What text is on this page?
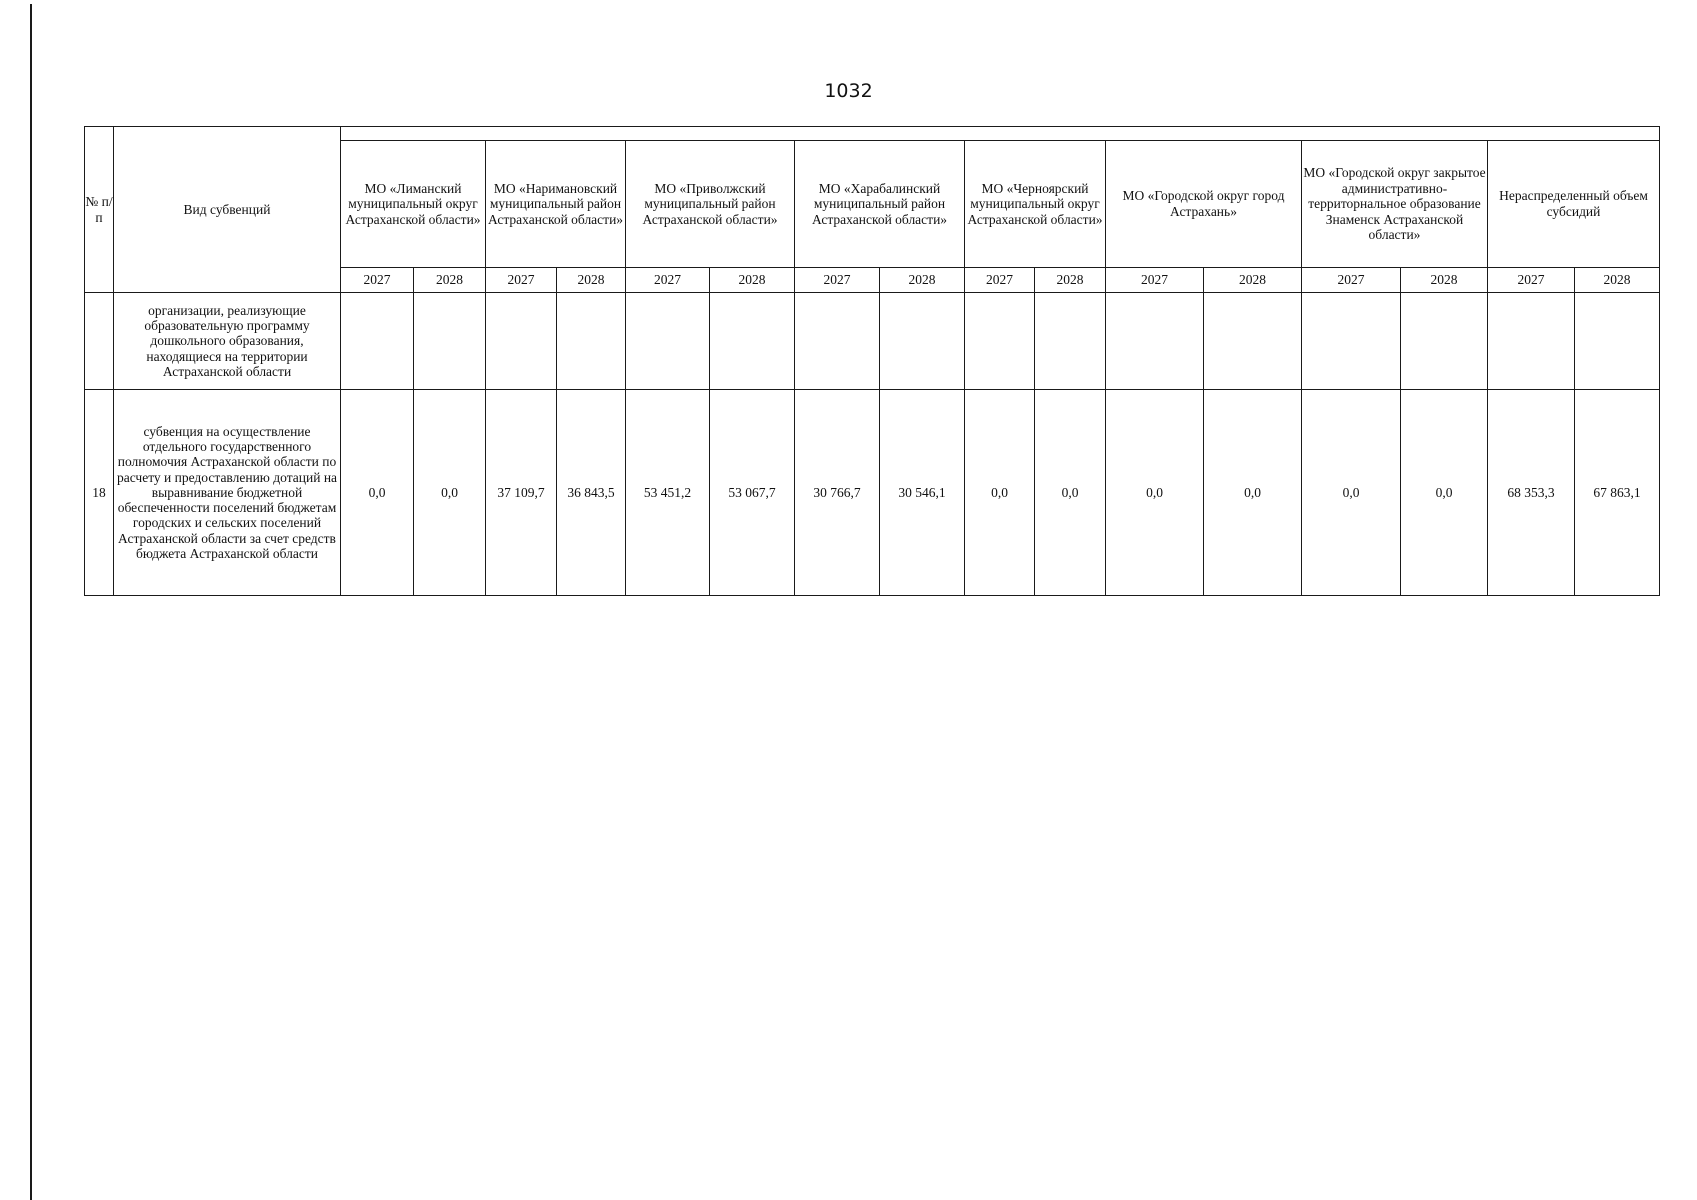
1032
№ п/п	Вид субвенций																
		МО «Лиманский муниципальный округ Астраханской области»		МО «Наримановский муниципальный район Астраханской области»		МО «Приволжский муниципальный район Астраханской области»		МО «Харабалинский муниципальный район Астраханской области»		МО «Черноярский муниципальный округ Астраханской области»		МО «Городской округ город Астрахань»		МО «Городской округ закрытое административно-территорнальное образование Знаменск Астраханской области»		Нераспределенный объем субсидий	
		2027	2028	2027	2028	2027	2028	2027	2028	2027	2028	2027	2028	2027	2028	2027	2028
	организации, реализующие образовательную программу дошкольного образования, находящиеся на территории Астраханской области																
18	субвенция на осуществление отдельного государственного полномочия Астраханской области по расчету и предоставлению дотаций на выравнивание бюджетной обеспеченности поселений бюджетам городских и сельских поселений Астраханской области за счет средств бюджета Астраханской области	0,0	0,0	37 109,7	36 843,5	53 451,2	53 067,7	30 766,7	30 546,1	0,0	0,0	0,0	0,0	0,0	0,0	68 353,3	67 863,1
